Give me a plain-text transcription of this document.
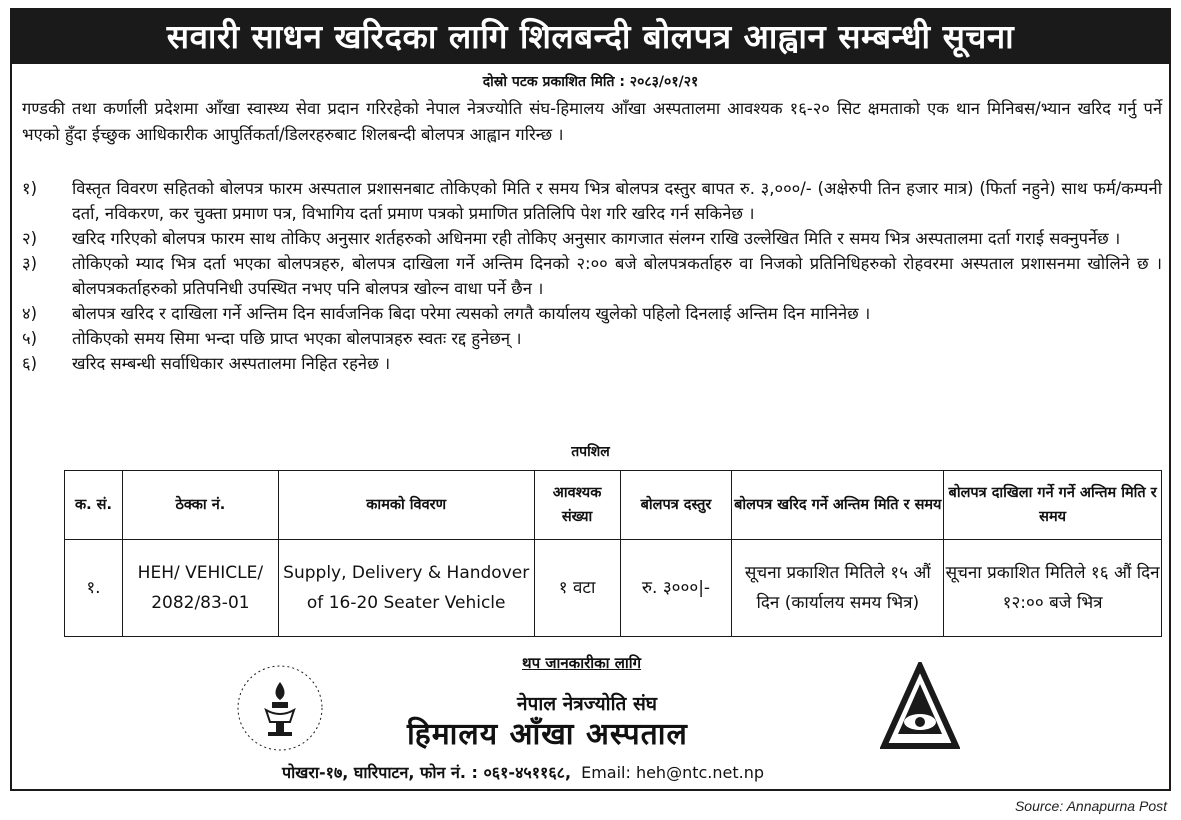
सवारी साधन खरिदका लागि शिलबन्दी बोलपत्र आह्वान सम्बन्धी सूचना
दोस्रो पटक प्रकाशित मिति : २०८३/०१/२१
गण्डकी तथा कर्णाली प्रदेशमा आँखा स्वास्थ्य सेवा प्रदान गरिरहेको नेपाल नेत्रज्योति संघ-हिमालय आँखा अस्पतालमा आवश्यक १६-२० सिट क्षमताको एक थान मिनिबस/भ्यान खरिद गर्नु पर्ने भएको हुँदा ईच्छुक आधिकारीक आपुर्तिकर्ता/डिलरहरुबाट शिलबन्दी बोलपत्र आह्वान गरिन्छ ।
१) विस्तृत विवरण सहितको बोलपत्र फारम अस्पताल प्रशासनबाट तोकिएको मिति र समय भित्र बोलपत्र दस्तुर बापत रु. ३,०००/- (अक्षेरुपी तिन हजार मात्र) (फिर्ता नहुने) साथ फर्म/कम्पनी दर्ता, नविकरण, कर चुक्ता प्रमाण पत्र, विभागिय दर्ता प्रमाण पत्रको प्रमाणित प्रतिलिपि पेश गरि खरिद गर्न सकिनेछ ।
२) खरिद गरिएको बोलपत्र फारम साथ तोकिए अनुसार शर्तहरुको अधिनमा रही तोकिए अनुसार कागजात संलग्न राखि उल्लेखित मिति र समय भित्र अस्पतालमा दर्ता गराई सक्नुपर्नेछ ।
३) तोकिएको म्याद भित्र दर्ता भएका बोलपत्रहरु, बोलपत्र दाखिला गर्ने अन्तिम दिनको २:०० बजे बोलपत्रकर्ताहरु वा निजको प्रतिनिधिहरुको रोहवरमा अस्पताल प्रशासनमा खोलिने छ । बोलपत्रकर्ताहरुको प्रतिपनिधी उपस्थित नभए पनि बोलपत्र खोल्न वाधा पर्ने छैन ।
४) बोलपत्र खरिद र दाखिला गर्ने अन्तिम दिन सार्वजनिक बिदा परेमा त्यसको लगतै कार्यालय खुलेको पहिलो दिनलाई अन्तिम दिन मानिनेछ ।
५) तोकिएको समय सिमा भन्दा पछि प्राप्त भएका बोलपात्रहरु स्वतः रद्द हुनेछन् ।
६) खरिद सम्बन्धी सर्वाधिकार अस्पतालमा निहित रहनेछ ।
तपशिल
क. सं.	ठेक्का नं.	कामको विवरण	आवश्यक संख्या	बोलपत्र दस्तुर	बोलपत्र खरिद गर्ने अन्तिम मिति र समय	बोलपत्र दाखिला गर्ने गर्ने अन्तिम मिति र समय
१.	HEH/ VEHICLE/ 2082/83-01	Supply, Delivery & Handover of 16-20 Seater Vehicle	१ वटा	रु. ३०००|-	सूचना प्रकाशित मितिले १५ औं दिन (कार्यालय समय भित्र)	सूचना प्रकाशित मितिले १६ औं दिन १२:०० बजे भित्र
थप जानकारीका लागि
नेपाल नेत्रज्योति संघ
हिमालय आँखा अस्पताल
पोखरा-१७, घारिपाटन, फोन नं. : ०६१-४५११६८, Email: heh@ntc.net.np
Source: Annapurna Post
